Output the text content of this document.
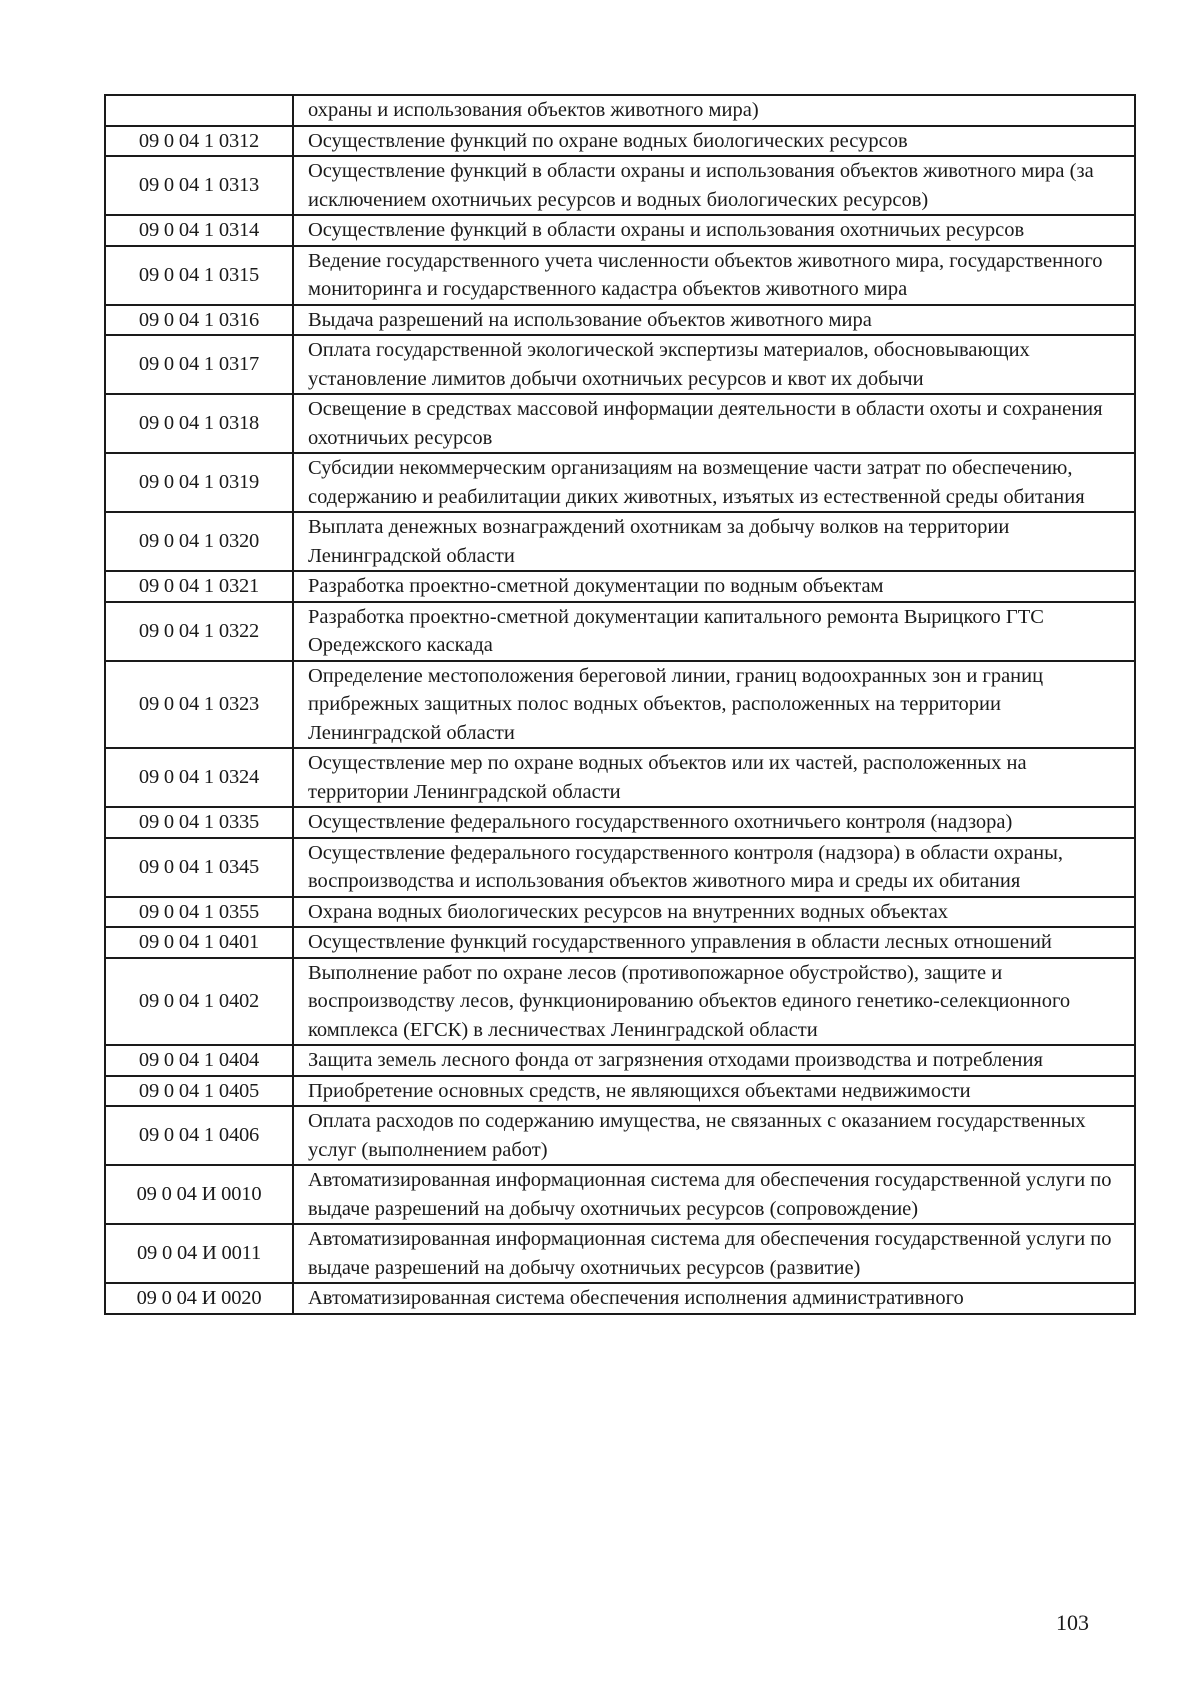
	охраны и использования объектов животного мира)
09 0 04 1 0312	Осуществление функций по охране водных биологических ресурсов
09 0 04 1 0313	Осуществление функций в области охраны и использования объектов животного мира (за исключением охотничьих ресурсов и водных биологических ресурсов)
09 0 04 1 0314	Осуществление функций в области охраны и использования охотничьих ресурсов
09 0 04 1 0315	Ведение государственного учета численности объектов животного мира, государственного мониторинга и государственного кадастра объектов животного мира
09 0 04 1 0316	Выдача разрешений на использование объектов животного мира
09 0 04 1 0317	Оплата государственной экологической экспертизы материалов, обосновывающих установление лимитов добычи охотничьих ресурсов и квот их добычи
09 0 04 1 0318	Освещение в средствах массовой информации деятельности в области охоты и сохранения охотничьих ресурсов
09 0 04 1 0319	Субсидии некоммерческим организациям на возмещение части затрат по обеспечению, содержанию и реабилитации диких животных, изъятых из естественной среды обитания
09 0 04 1 0320	Выплата денежных вознаграждений охотникам за добычу волков на территории Ленинградской области
09 0 04 1 0321	Разработка проектно-сметной документации по водным объектам
09 0 04 1 0322	Разработка проектно-сметной документации капитального ремонта Вырицкого ГТС Оредежского каскада
09 0 04 1 0323	Определение местоположения береговой линии, границ водоохранных зон и границ прибрежных защитных полос водных объектов, расположенных на территории Ленинградской области
09 0 04 1 0324	Осуществление мер по охране водных объектов или их частей, расположенных на территории Ленинградской области
09 0 04 1 0335	Осуществление федерального государственного охотничьего контроля (надзора)
09 0 04 1 0345	Осуществление федерального государственного контроля (надзора) в области охраны, воспроизводства и использования объектов животного мира и среды их обитания
09 0 04 1 0355	Охрана водных биологических ресурсов на внутренних водных объектах
09 0 04 1 0401	Осуществление функций государственного управления в области лесных отношений
09 0 04 1 0402	Выполнение работ по охране лесов (противопожарное обустройство), защите и воспроизводству лесов, функционированию объектов единого генетико-селекционного комплекса (ЕГСК) в лесничествах Ленинградской области
09 0 04 1 0404	Защита земель лесного фонда от загрязнения отходами производства и потребления
09 0 04 1 0405	Приобретение основных средств, не являющихся объектами недвижимости
09 0 04 1 0406	Оплата расходов по содержанию имущества, не связанных с оказанием государственных услуг (выполнением работ)
09 0 04 И 0010	Автоматизированная информационная система для обеспечения государственной услуги по выдаче разрешений на добычу охотничьих ресурсов (сопровождение)
09 0 04 И 0011	Автоматизированная информационная система для обеспечения государственной услуги по выдаче разрешений на добычу охотничьих ресурсов (развитие)
09 0 04 И 0020	Автоматизированная система обеспечения исполнения административного
103
